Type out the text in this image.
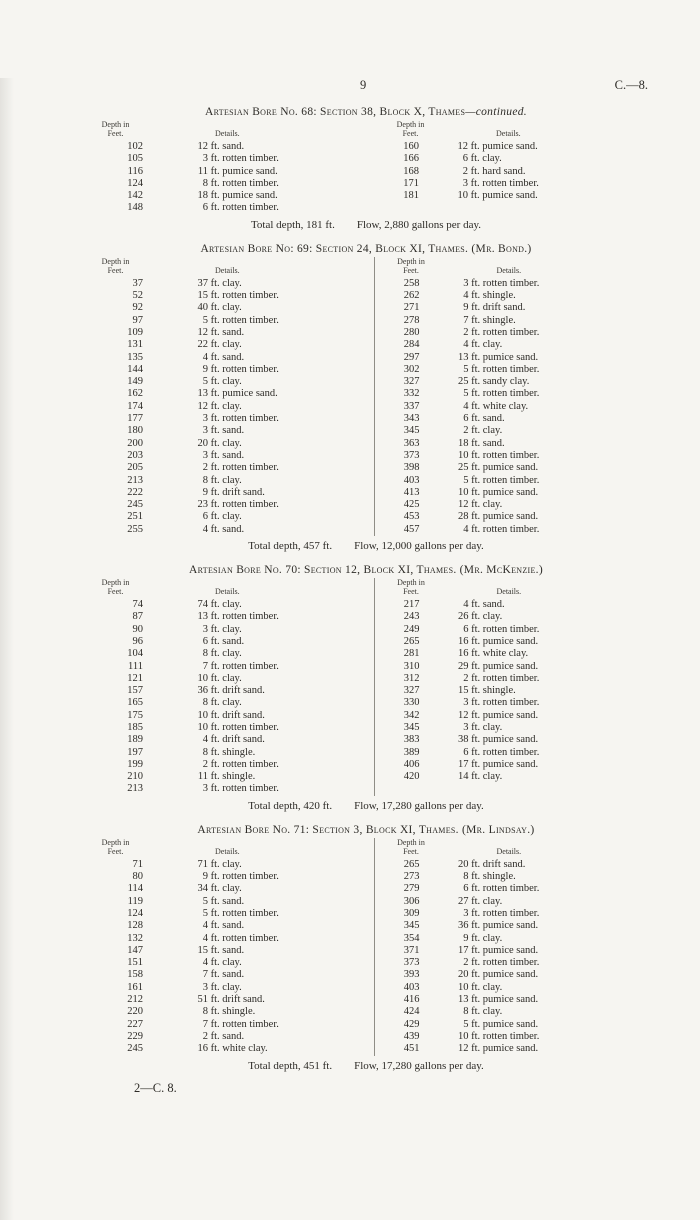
9	C.—8.
Artesian Bore No. 68: Section 38, Block X, Thames—continued.
Depth in
Feet.	Details.
102	12 ft. sand.
105	3 ft. rotten timber.
116	11 ft. pumice sand.
124	8 ft. rotten timber.
142	18 ft. pumice sand.
148	6 ft. rotten timber.
Depth in
Feet.	Details.
160	12 ft. pumice sand.
166	6 ft. clay.
168	2 ft. hard sand.
171	3 ft. rotten timber.
181	10 ft. pumice sand.
Total depth, 181 ft. Flow, 2,880 gallons per day.
Artesian Bore No: 69: Section 24, Block XI, Thames. (Mr. Bond.)
Depth in
Feet.	Details.
37	37 ft. clay.
52	15 ft. rotten timber.
92	40 ft. clay.
97	5 ft. rotten timber.
109	12 ft. sand.
131	22 ft. clay.
135	4 ft. sand.
144	9 ft. rotten timber.
149	5 ft. clay.
162	13 ft. pumice sand.
174	12 ft. clay.
177	3 ft. rotten timber.
180	3 ft. sand.
200	20 ft. clay.
203	3 ft. sand.
205	2 ft. rotten timber.
213	8 ft. clay.
222	9 ft. drift sand.
245	23 ft. rotten timber.
251	6 ft. clay.
255	4 ft. sand.
Depth in
Feet.	Details.
258	3 ft. rotten timber.
262	4 ft. shingle.
271	9 ft. drift sand.
278	7 ft. shingle.
280	2 ft. rotten timber.
284	4 ft. clay.
297	13 ft. pumice sand.
302	5 ft. rotten timber.
327	25 ft. sandy clay.
332	5 ft. rotten timber.
337	4 ft. white clay.
343	6 ft. sand.
345	2 ft. clay.
363	18 ft. sand.
373	10 ft. rotten timber.
398	25 ft. pumice sand.
403	5 ft. rotten timber.
413	10 ft. pumice sand.
425	12 ft. clay.
453	28 ft. pumice sand.
457	4 ft. rotten timber.
Total depth, 457 ft. Flow, 12,000 gallons per day.
Artesian Bore No. 70: Section 12, Block XI, Thames. (Mr. McKenzie.)
Depth in
Feet.	Details.
74	74 ft. clay.
87	13 ft. rotten timber.
90	3 ft. clay.
96	6 ft. sand.
104	8 ft. clay.
111	7 ft. rotten timber.
121	10 ft. clay.
157	36 ft. drift sand.
165	8 ft. clay.
175	10 ft. drift sand.
185	10 ft. rotten timber.
189	4 ft. drift sand.
197	8 ft. shingle.
199	2 ft. rotten timber.
210	11 ft. shingle.
213	3 ft. rotten timber.
Depth in
Feet.	Details.
217	4 ft. sand.
243	26 ft. clay.
249	6 ft. rotten timber.
265	16 ft. pumice sand.
281	16 ft. white clay.
310	29 ft. pumice sand.
312	2 ft. rotten timber.
327	15 ft. shingle.
330	3 ft. rotten timber.
342	12 ft. pumice sand.
345	3 ft. clay.
383	38 ft. pumice sand.
389	6 ft. rotten timber.
406	17 ft. pumice sand.
420	14 ft. clay.
Total depth, 420 ft. Flow, 17,280 gallons per day.
Artesian Bore No. 71: Section 3, Block XI, Thames. (Mr. Lindsay.)
Depth in
Feet.	Details.
71	71 ft. clay.
80	9 ft. rotten timber.
114	34 ft. clay.
119	5 ft. sand.
124	5 ft. rotten timber.
128	4 ft. sand.
132	4 ft. rotten timber.
147	15 ft. sand.
151	4 ft. clay.
158	7 ft. sand.
161	3 ft. clay.
212	51 ft. drift sand.
220	8 ft. shingle.
227	7 ft. rotten timber.
229	2 ft. sand.
245	16 ft. white clay.
Depth in
Feet.	Details.
265	20 ft. drift sand.
273	8 ft. shingle.
279	6 ft. rotten timber.
306	27 ft. clay.
309	3 ft. rotten timber.
345	36 ft. pumice sand.
354	9 ft. clay.
371	17 ft. pumice sand.
373	2 ft. rotten timber.
393	20 ft. pumice sand.
403	10 ft. clay.
416	13 ft. pumice sand.
424	8 ft. clay.
429	5 ft. pumice sand.
439	10 ft. rotten timber.
451	12 ft. pumice sand.
Total depth, 451 ft. Flow, 17,280 gallons per day.
2—C. 8.
